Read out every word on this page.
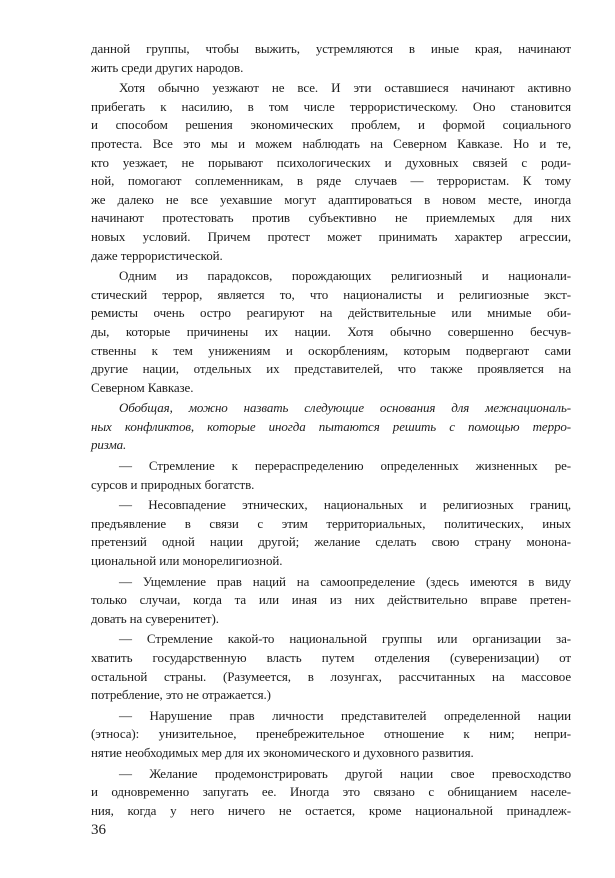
данной группы, чтобы выжить, устремляются в иные края, начинают
жить среди других народов.
Хотя обычно уезжают не все. И эти оставшиеся начинают активно
прибегать к насилию, в том числе террористическому. Оно становится
и способом решения экономических проблем, и формой социального
протеста. Все это мы и можем наблюдать на Северном Кавказе. Но и те,
кто уезжает, не порывают психологических и духовных связей с роди-
ной, помогают соплеменникам, в ряде случаев — террористам. К тому
же далеко не все уехавшие могут адаптироваться в новом месте, иногда
начинают протестовать против субъективно не приемлемых для них
новых условий. Причем протест может принимать характер агрессии,
даже террористической.
Одним из парадоксов, порождающих религиозный и национали-
стический террор, является то, что националисты и религиозные экст-
ремисты очень остро реагируют на действительные или мнимые оби-
ды, которые причинены их нации. Хотя обычно совершенно бесчув-
ственны к тем унижениям и оскорблениям, которым подвергают сами
другие нации, отдельных их представителей, что также проявляется на
Северном Кавказе.
Обобщая, можно назвать следующие основания для межнациональ-
ных конфликтов, которые иногда пытаются решить с помощью терро-
ризма.
— Стремление к перераспределению определенных жизненных ре-
сурсов и природных богатств.
— Несовпадение этнических, национальных и религиозных границ,
предъявление в связи с этим территориальных, политических, иных
претензий одной нации другой; желание сделать свою страну монона-
циональной или монорелигиозной.
— Ущемление прав наций на самоопределение (здесь имеются в виду
только случаи, когда та или иная из них действительно вправе претен-
довать на суверенитет).
— Стремление какой-то национальной группы или организации за-
хватить государственную власть путем отделения (суверенизации) от
остальной страны. (Разумеется, в лозунгах, рассчитанных на массовое
потребление, это не отражается.)
— Нарушение прав личности представителей определенной нации
(этноса): унизительное, пренебрежительное отношение к ним; непри-
нятие необходимых мер для их экономического и духовного развития.
— Желание продемонстрировать другой нации свое превосходство
и одновременно запугать ее. Иногда это связано с обнищанием населе-
ния, когда у него ничего не остается, кроме национальной принадлеж-
36
